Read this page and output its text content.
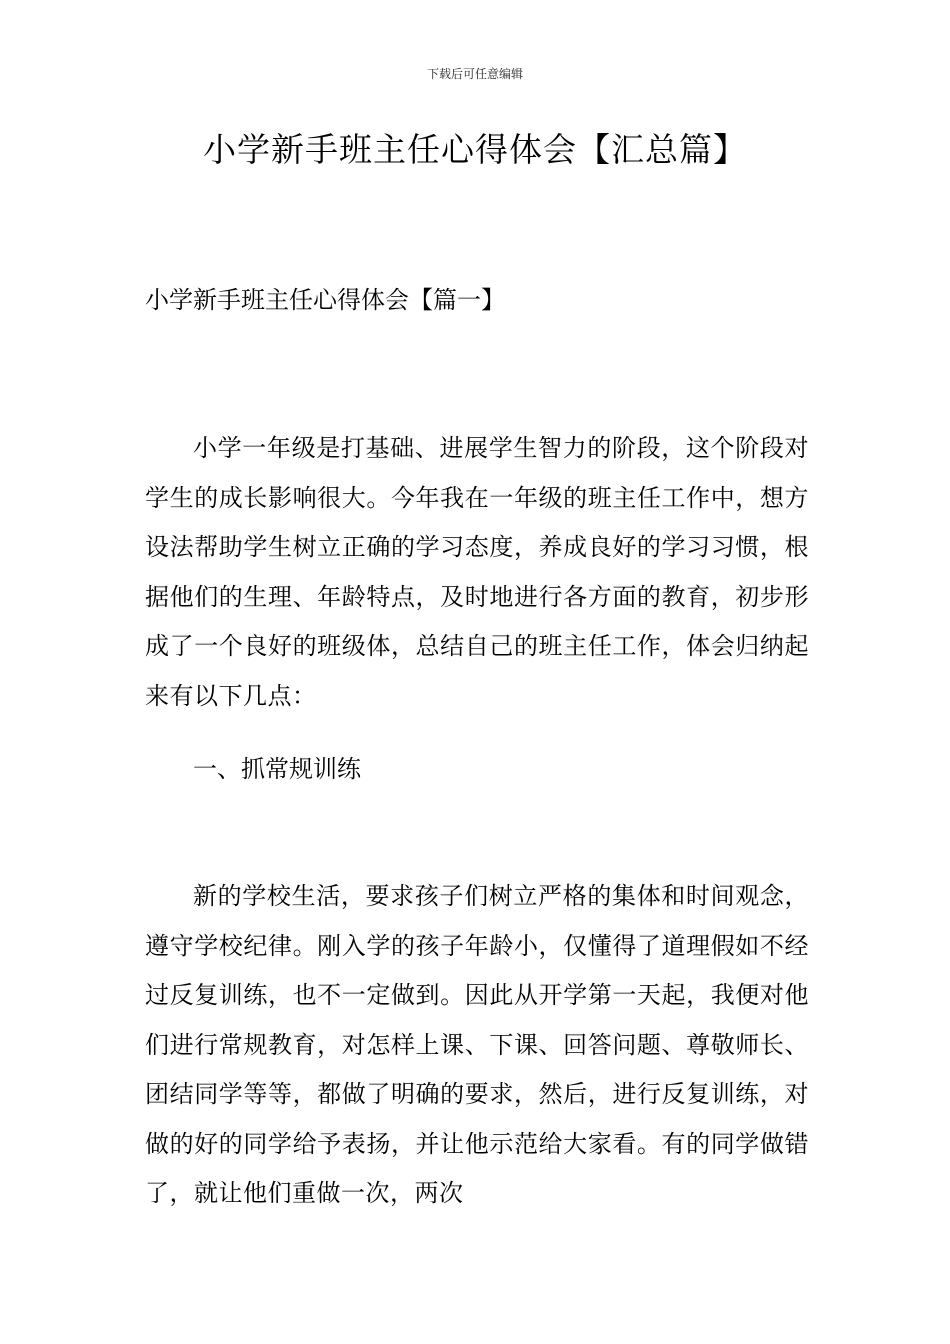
下载后可任意编辑
小学新手班主任心得体会【汇总篇】
小学新手班主任心得体会【篇一】

小学一年级是打基础、进展学生智力的阶段，这个阶段对学生的成长影响很大。今年我在一年级的班主任工作中，想方设法帮助学生树立正确的学习态度，养成良好的学习习惯，根据他们的生理、年龄特点，及时地进行各方面的教育，初步形成了一个良好的班级体，总结自己的班主任工作，体会归纳起来有以下几点：

一、抓常规训练

新的学校生活，要求孩子们树立严格的集体和时间观念，遵守学校纪律。刚入学的孩子年龄小，仅懂得了道理假如不经过反复训练，也不一定做到。因此从开学第一天起，我便对他们进行常规教育，对怎样上课、下课、回答问题、尊敬师长、团结同学等等，都做了明确的要求，然后，进行反复训练，对做的好的同学给予表扬，并让他示范给大家看。有的同学做错了，就让他们重做一次，两次
